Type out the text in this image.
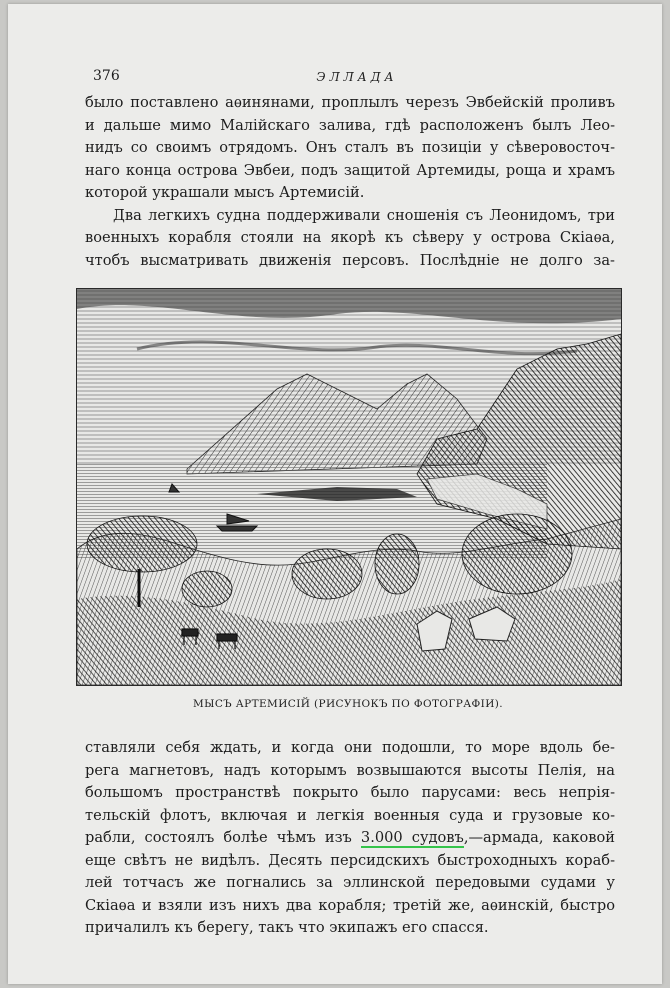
376	ЭЛЛАДА

было поставлено аѳинянами, проплылъ черезъ Эвбейскій проливъ
и дальше мимо Малійскаго залива, гдѣ расположенъ былъ Лео-
нидъ со своимъ отрядомъ. Онъ сталъ въ позиціи у сѣверовосточ-
наго конца острова Эвбеи, подъ защитой Артемиды, роща и храмъ
которой украшали мысъ Артемисій.

Два легкихъ судна поддерживали сношенія съ Леонидомъ, три
военныхъ корабля стояли на якорѣ къ сѣверу у острова Скіаѳа,
чтобъ высматривать движенія персовъ. Послѣдніе не долго за-

МЫСЪ АРТЕМИСІЙ (РИСУНОКЪ ПО ФОТОГРАФІИ).

ставляли себя ждать, и когда они подошли, то море вдоль бе-
рега магнетовъ, надъ которымъ возвышаются высоты Пелія, на
большомъ пространствѣ покрыто было парусами: весь непрія-
тельскій флотъ, включая и легкія военныя суда и грузовые ко-
рабли, состоялъ болѣе чѣмъ изъ 3.000 судовъ,—армада, каковой
еще свѣтъ не видѣлъ. Десять персидскихъ быстроходныхъ кораб-
лей тотчасъ же погнались за эллинской передовыми судами у
Скіаѳа и взяли изъ нихъ два корабля; третій же, аѳинскій, быстро
причалилъ къ берегу, такъ что экипажъ его спасся.
